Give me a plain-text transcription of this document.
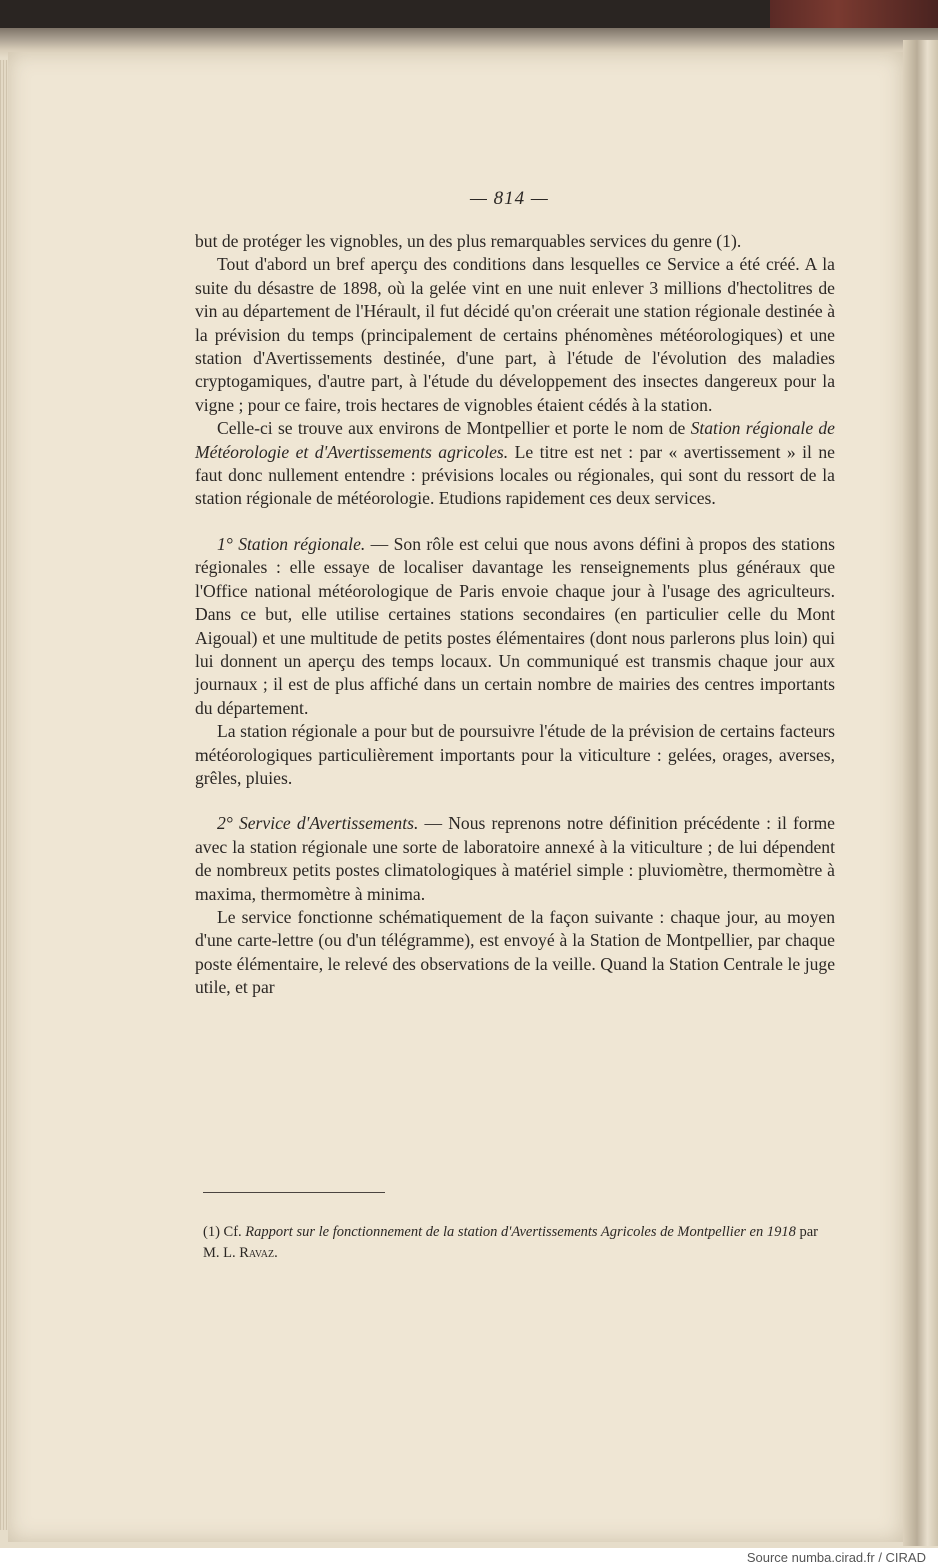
— 814 —

but de protéger les vignobles, un des plus remarquables services du genre (1).

Tout d'abord un bref aperçu des conditions dans lesquelles ce Service a été créé. A la suite du désastre de 1898, où la gelée vint en une nuit enlever 3 millions d'hectolitres de vin au département de l'Hérault, il fut décidé qu'on créerait une station régionale destinée à la prévision du temps (principalement de certains phénomènes météorologiques) et une station d'Avertissements destinée, d'une part, à l'étude de l'évolution des maladies cryptogamiques, d'autre part, à l'étude du développement des insectes dangereux pour la vigne ; pour ce faire, trois hectares de vignobles étaient cédés à la station.

Celle-ci se trouve aux environs de Montpellier et porte le nom de Station régionale de Météorologie et d'Avertissements agricoles. Le titre est net : par « avertissement » il ne faut donc nullement entendre : prévisions locales ou régionales, qui sont du ressort de la station régionale de météorologie. Etudions rapidement ces deux services.

1° Station régionale. — Son rôle est celui que nous avons défini à propos des stations régionales : elle essaye de localiser davantage les renseignements plus généraux que l'Office national météorologique de Paris envoie chaque jour à l'usage des agriculteurs. Dans ce but, elle utilise certaines stations secondaires (en particulier celle du Mont Aigoual) et une multitude de petits postes élémentaires (dont nous parlerons plus loin) qui lui donnent un aperçu des temps locaux. Un communiqué est transmis chaque jour aux journaux ; il est de plus affiché dans un certain nombre de mairies des centres importants du département.

La station régionale a pour but de poursuivre l'étude de la prévision de certains facteurs météorologiques particulièrement importants pour la viticulture : gelées, orages, averses, grêles, pluies.

2° Service d'Avertissements. — Nous reprenons notre définition précédente : il forme avec la station régionale une sorte de laboratoire annexé à la viticulture ; de lui dépendent de nombreux petits postes climatologiques à matériel simple : pluviomètre, thermomètre à maxima, thermomètre à minima.

Le service fonctionne schématiquement de la façon suivante : chaque jour, au moyen d'une carte-lettre (ou d'un télégramme), est envoyé à la Station de Montpellier, par chaque poste élémentaire, le relevé des observations de la veille. Quand la Station Centrale le juge utile, et par

(1) Cf. Rapport sur le fonctionnement de la station d'Avertissements Agricoles de Montpellier en 1918 par M. L. Ravaz.
Source numba.cirad.fr / CIRAD
